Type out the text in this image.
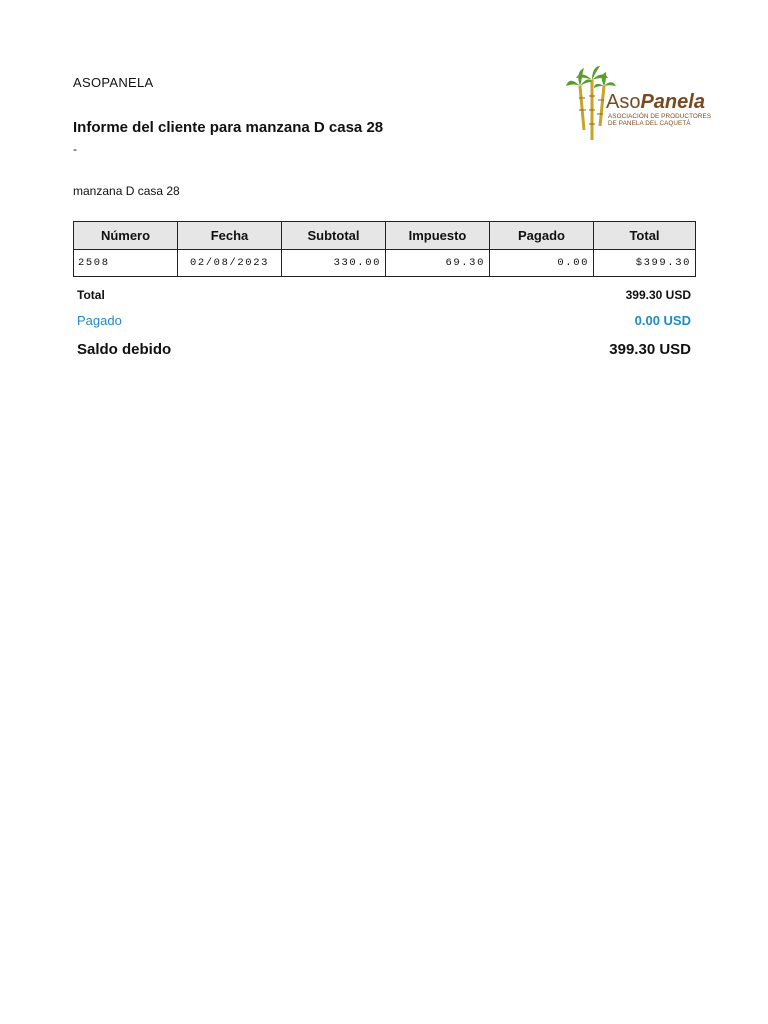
ASOPANELA
Informe del cliente para manzana D casa 28
-
manzana D casa 28
AsoPanela
ASOCIACIÓN DE PRODUCTORES
DE PANELA DEL CAQUETÁ
Número	Fecha	Subtotal	Impuesto	Pagado	Total
2508	02/08/2023	330.00	69.30	0.00	$399.30
Total	399.30 USD
Pagado	0.00 USD
Saldo debido	399.30 USD
